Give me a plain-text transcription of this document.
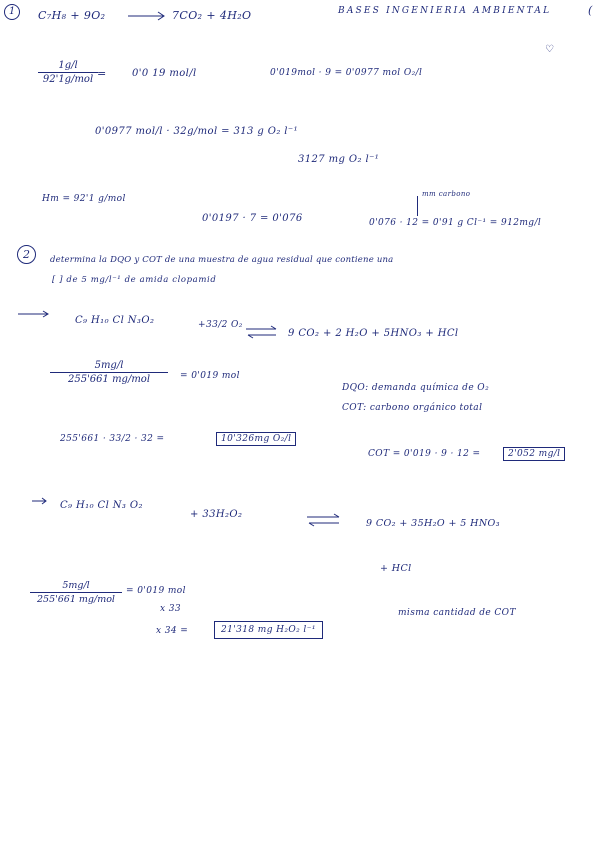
1	C₇H₈ + 9O₂	7CO₂ + 4H₂O	BASES INGENIERIA AMBIENTAL	(
♡
1g/l
92'1g/mol =	0'0 19 mol/l	0'019mol · 9 = 0'0977 mol O₂/l
0'0977 mol/l · 32g/mol = 313 g O₂ l⁻¹
3127 mg O₂ l⁻¹
Hm = 92'1 g/mol	mm carbono
0'0197 · 7 = 0'076	0'076 · 12 = 0'91 g Cl⁻¹ = 912mg/l
2	determina la DQO y COT de una muestra de agua residual que contiene una
[ ] de 5 mg/l⁻¹ de amida clopamid
C₉ H₁₀ Cl N₃O₂	+33/2 O₂
⇌ 9 CO₂ + 2 H₂O + 5HNO₃ + HCl
5mg/l
255'661 mg/mol	= 0'019 mol
DQO: demanda química de O₂
COT: carbono orgánico total
255'661 · 33/2 · 32 =	10'326mg O₂/l
COT = 0'019 · 9 · 12 =	2'052 mg/l
C₉ H₁₀ Cl N₃ O₂
+ 33H₂O₂
9 CO₂ + 35H₂O + 5 HNO₃
+ HCl
5mg/l
255'661 mg/mol
= 0'019 mol
x 33
x 34 =	21'318 mg H₂O₂ l⁻¹
misma cantidad de COT
